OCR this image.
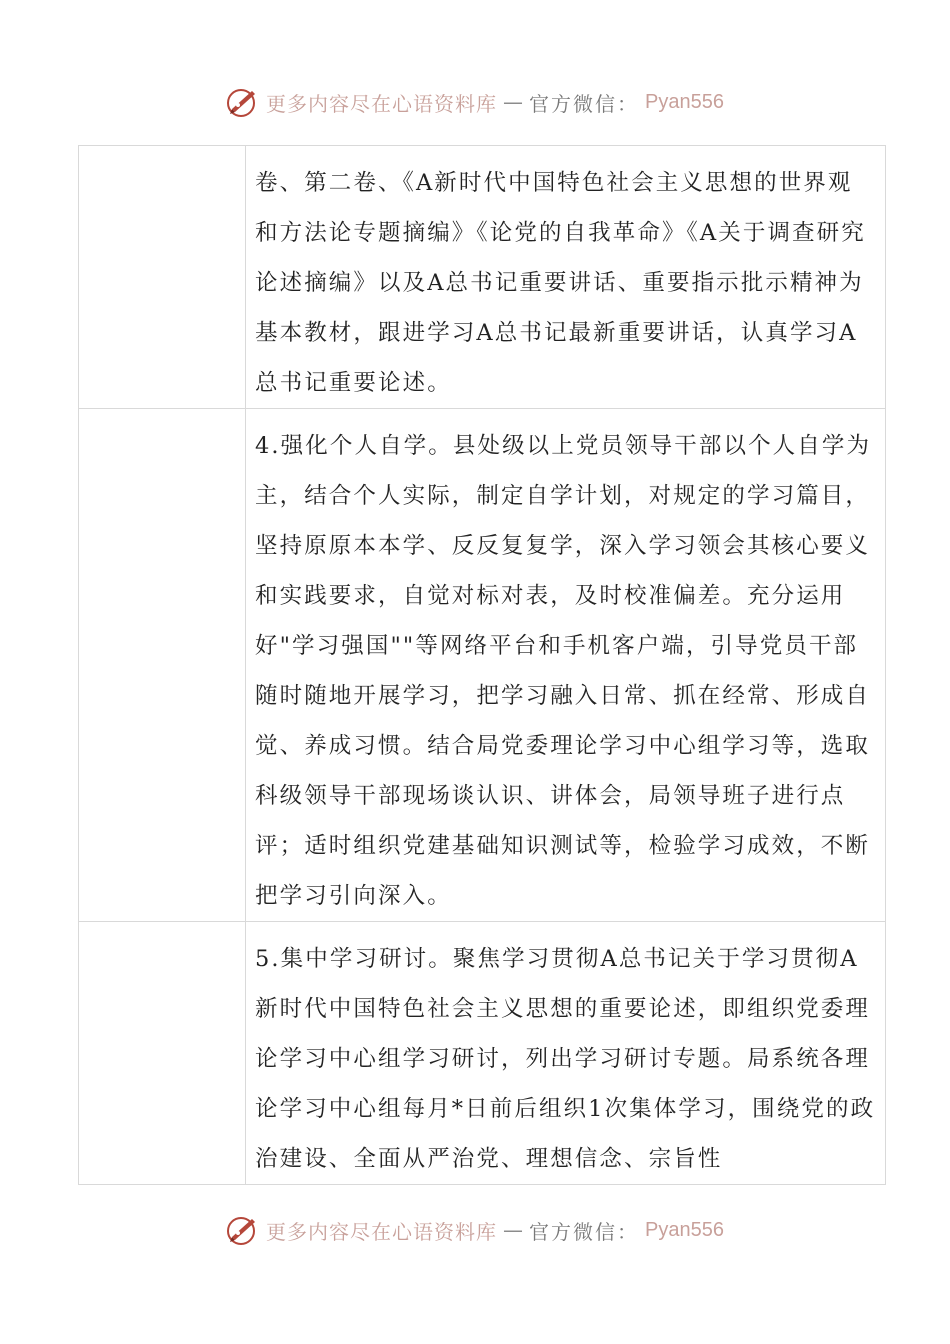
更多内容尽在心语资料库 — 官方微信： Pyan556

	卷、第二卷、《A新时代中国特色社会主义思想的世界观和方法论专题摘编》《论党的自我革命》《A关于调查研究论述摘编》以及A总书记重要讲话、重要指示批示精神为基本教材，跟进学习A总书记最新重要讲话，认真学习A总书记重要论述。

	4.强化个人自学。县处级以上党员领导干部以个人自学为主，结合个人实际，制定自学计划，对规定的学习篇目，坚持原原本本学、反反复复学，深入学习领会其核心要义和实践要求，自觉对标对表，及时校准偏差。充分运用好"学习强国""等网络平台和手机客户端，引导党员干部随时随地开展学习，把学习融入日常、抓在经常、形成自觉、养成习惯。结合局党委理论学习中心组学习等，选取科级领导干部现场谈认识、讲体会，局领导班子进行点评；适时组织党建基础知识测试等，检验学习成效，不断把学习引向深入。

	5.集中学习研讨。聚焦学习贯彻A总书记关于学习贯彻A新时代中国特色社会主义思想的重要论述，即组织党委理论学习中心组学习研讨，列出学习研讨专题。局系统各理论学习中心组每月*日前后组织1次集体学习，围绕党的政治建设、全面从严治党、理想信念、宗旨性

更多内容尽在心语资料库 — 官方微信： Pyan556
